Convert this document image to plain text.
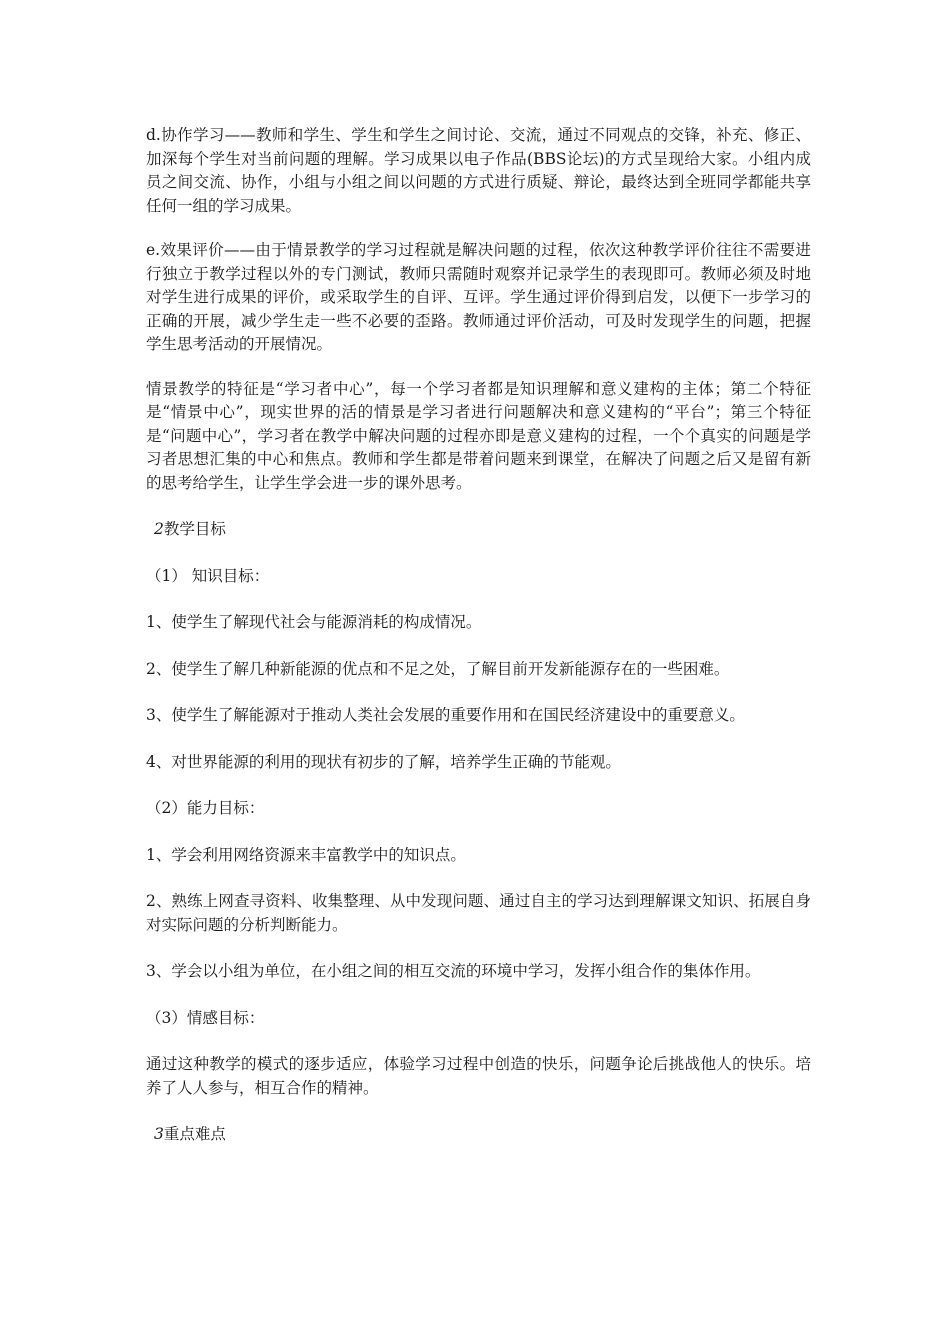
d.协作学习——教师和学生、学生和学生之间讨论、交流，通过不同观点的交锋，补充、修正、加深每个学生对当前问题的理解。学习成果以电子作品(BBS论坛)的方式呈现给大家。小组内成员之间交流、协作，小组与小组之间以问题的方式进行质疑、辩论，最终达到全班同学都能共享任何一组的学习成果。

e.效果评价——由于情景教学的学习过程就是解决问题的过程，依次这种教学评价往往不需要进行独立于教学过程以外的专门测试，教师只需随时观察并记录学生的表现即可。教师必须及时地对学生进行成果的评价，或采取学生的自评、互评。学生通过评价得到启发，以便下一步学习的正确的开展，减少学生走一些不必要的歪路。教师通过评价活动，可及时发现学生的问题，把握学生思考活动的开展情况。

情景教学的特征是“学习者中心”，每一个学习者都是知识理解和意义建构的主体；第二个特征是“情景中心”，现实世界的活的情景是学习者进行问题解决和意义建构的“平台”；第三个特征是“问题中心”，学习者在教学中解决问题的过程亦即是意义建构的过程，一个个真实的问题是学习者思想汇集的中心和焦点。教师和学生都是带着问题来到课堂，在解决了问题之后又是留有新的思考给学生，让学生学会进一步的课外思考。

2教学目标

（1） 知识目标：

1、使学生了解现代社会与能源消耗的构成情况。

2、使学生了解几种新能源的优点和不足之处，了解目前开发新能源存在的一些困难。

3、使学生了解能源对于推动人类社会发展的重要作用和在国民经济建设中的重要意义。

4、对世界能源的利用的现状有初步的了解，培养学生正确的节能观。

（2）能力目标：

1、学会利用网络资源来丰富教学中的知识点。

2、熟练上网查寻资料、收集整理、从中发现问题、通过自主的学习达到理解课文知识、拓展自身对实际问题的分析判断能力。

3、学会以小组为单位，在小组之间的相互交流的环境中学习，发挥小组合作的集体作用。

（3）情感目标：

通过这种教学的模式的逐步适应，体验学习过程中创造的快乐，问题争论后挑战他人的快乐。培养了人人参与，相互合作的精神。

3重点难点
